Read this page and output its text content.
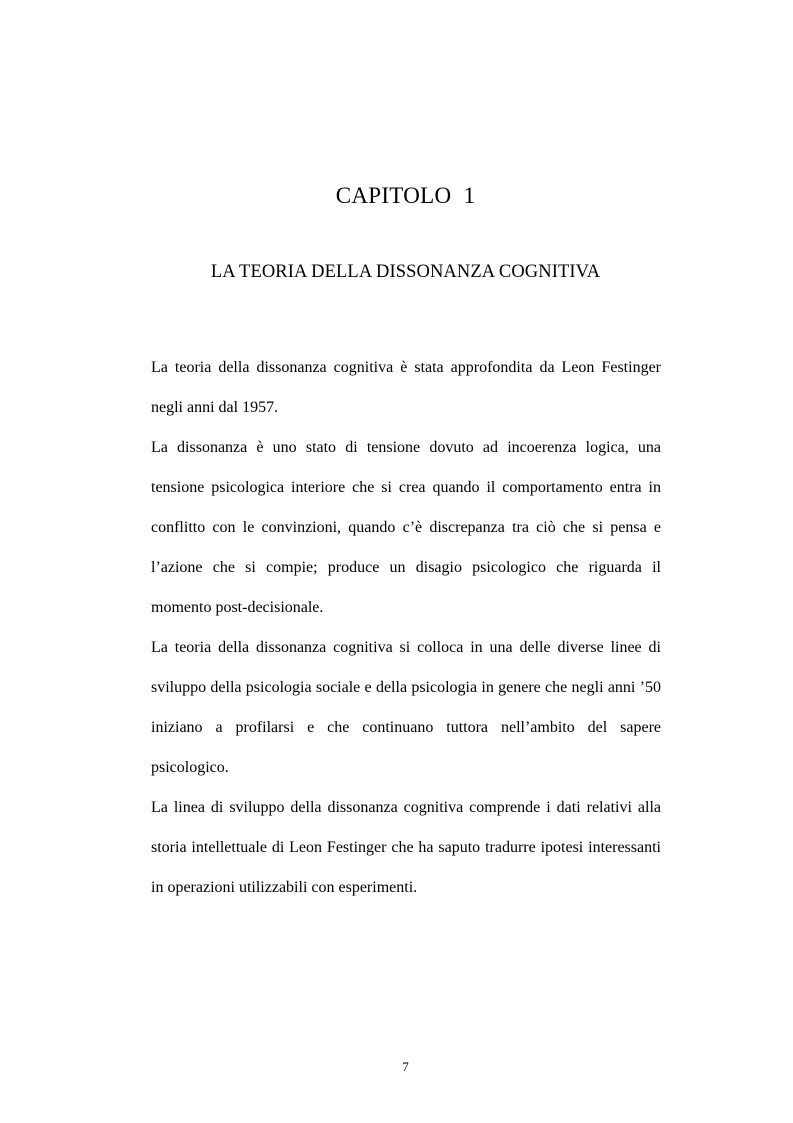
CAPITOLO  1
LA TEORIA DELLA DISSONANZA COGNITIVA

La teoria della dissonanza cognitiva è stata approfondita da Leon Festinger negli anni dal 1957.

La dissonanza è uno stato di tensione dovuto ad incoerenza logica, una tensione psicologica interiore che si crea quando il comportamento entra in conflitto con le convinzioni, quando c’è discrepanza tra ciò che si pensa e l’azione che si compie; produce un disagio psicologico che riguarda il momento post-decisionale.

La teoria della dissonanza cognitiva si colloca in una delle diverse linee di sviluppo della psicologia sociale e della psicologia in genere che negli anni ’50 iniziano a profilarsi e che continuano tuttora nell’ambito del sapere psicologico.

La linea di sviluppo della dissonanza cognitiva comprende i dati relativi alla storia intellettuale di Leon Festinger che ha saputo tradurre ipotesi interessanti in operazioni utilizzabili con esperimenti.

7
